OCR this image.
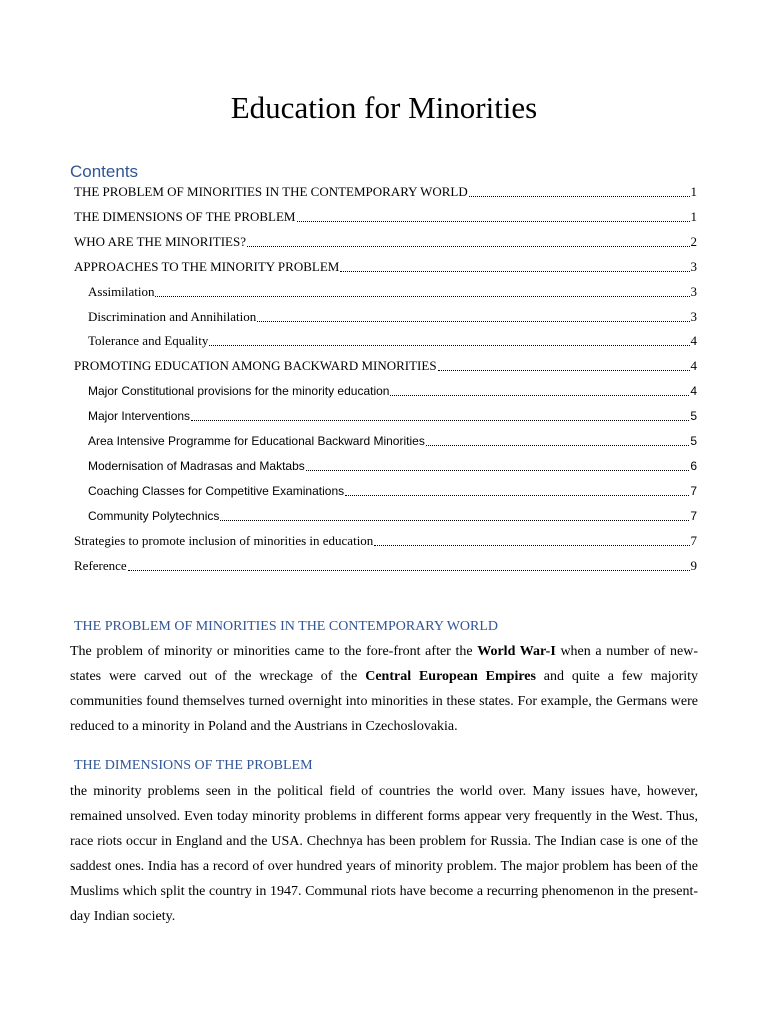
Education for Minorities
Contents
THE PROBLEM OF MINORITIES IN THE CONTEMPORARY WORLD	1
THE DIMENSIONS OF THE PROBLEM	1
WHO ARE THE MINORITIES?	2
APPROACHES TO THE MINORITY PROBLEM	3
Assimilation	3
Discrimination and Annihilation	3
Tolerance and Equality	4
PROMOTING EDUCATION AMONG BACKWARD MINORITIES	4
Major Constitutional provisions for the minority education	4
Major Interventions	5
Area Intensive Programme for Educational Backward Minorities	5
Modernisation of Madrasas and Maktabs	6
Coaching Classes for Competitive Examinations	7
Community Polytechnics	7
Strategies to promote inclusion of minorities in education	7
Reference	9
THE PROBLEM OF MINORITIES IN THE CONTEMPORARY WORLD

The problem of minority or minorities came to the fore-front after the World War-I when a number of new-states were carved out of the wreckage of the Central European Empires and quite a few majority communities found themselves turned overnight into minorities in these states. For example, the Germans were reduced to a minority in Poland and the Austrians in Czechoslovakia.

THE DIMENSIONS OF THE PROBLEM

the minority problems seen in the political field of countries the world over. Many issues have, however, remained unsolved. Even today minority problems in different forms appear very frequently in the West. Thus, race riots occur in England and the USA. Chechnya has been problem for Russia. The Indian case is one of the saddest ones. India has a record of over hundred years of minority problem. The major problem has been of the Muslims which split the country in 1947. Communal riots have become a recurring phenomenon in the present-day Indian society.
